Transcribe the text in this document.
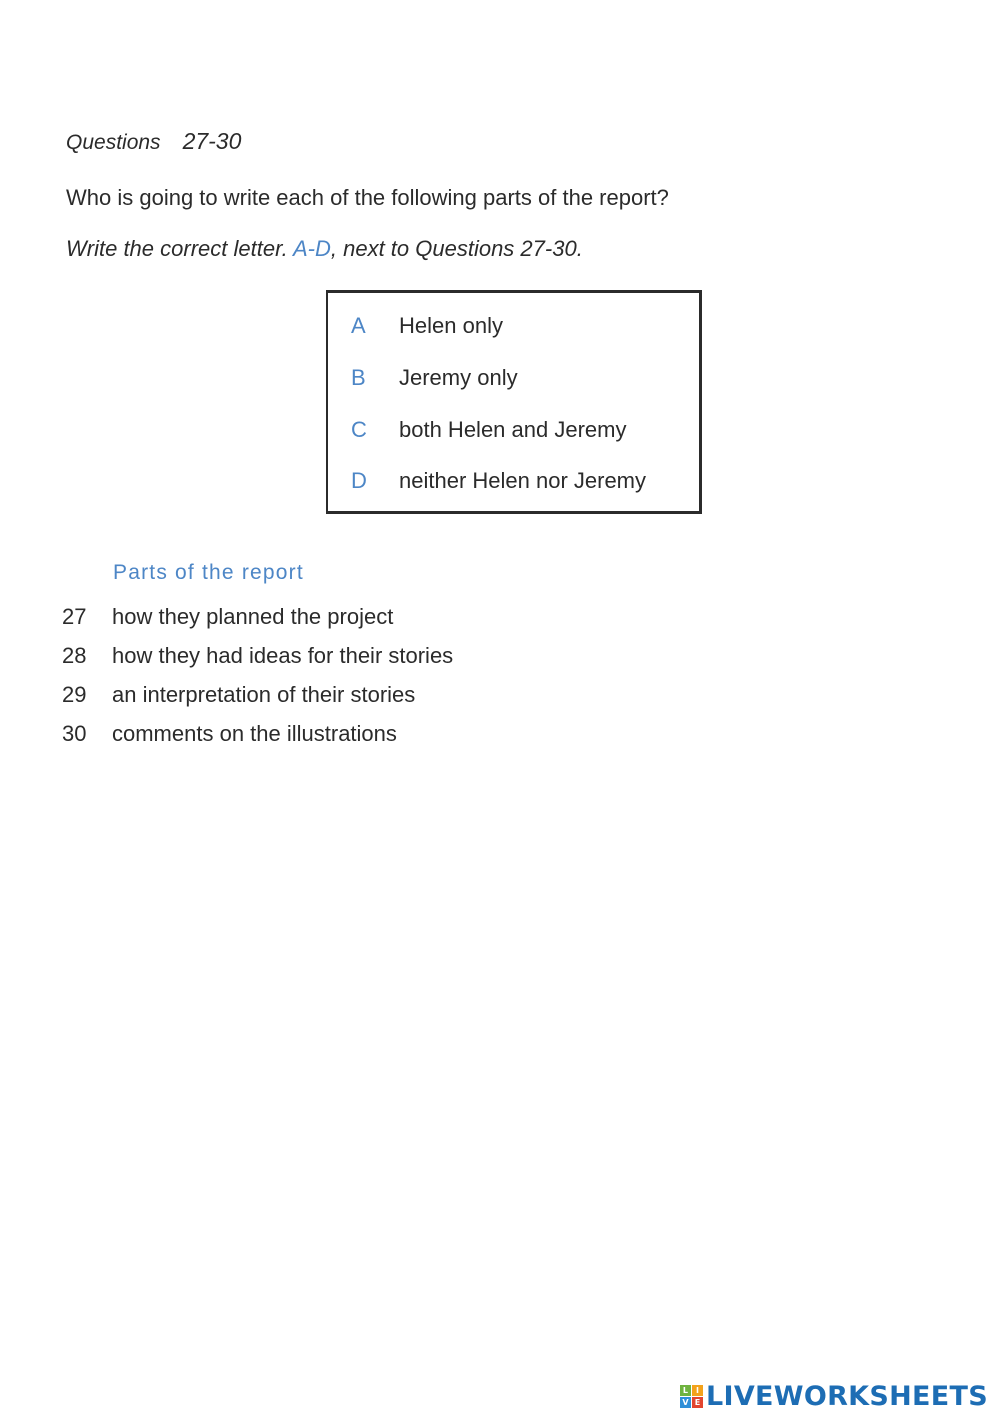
Questions 27-30
Who is going to write each of the following parts of the report?
Write the correct letter. A-D, next to Questions 27-30.
A Helen only
B Jeremy only
C both Helen and Jeremy
D neither Helen nor Jeremy
Parts of the report
27 how they planned the project
28 how they had ideas for their stories
29 an interpretation of their stories
30 comments on the illustrations
L I
V E LIVEWORKSHEETS
